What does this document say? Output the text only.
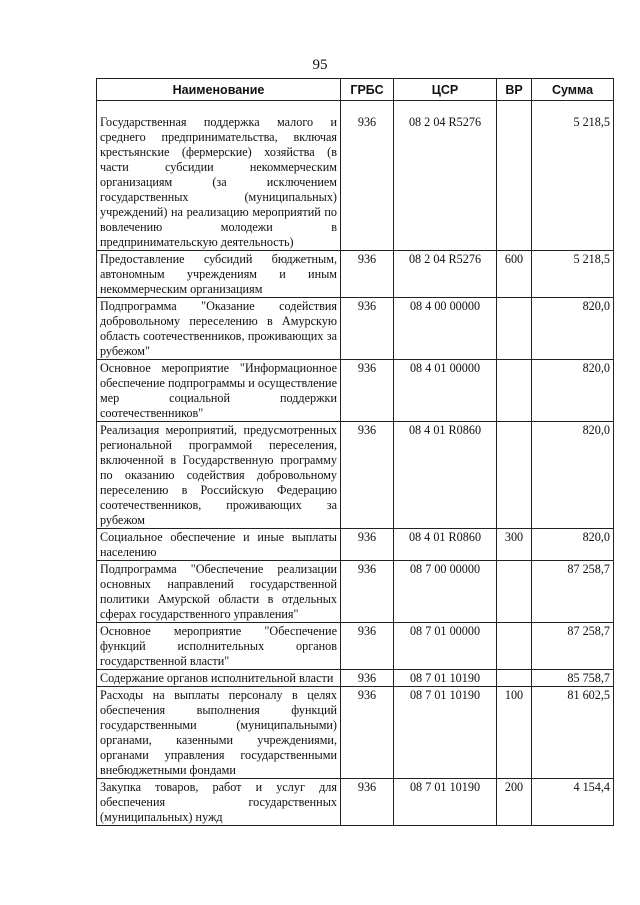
95
Наименование	ГРБС	ЦСР	ВР	Сумма
Государственная поддержка малого и среднего предпринимательства, включая крестьянские (фермерские) хозяйства (в части субсидии некоммерческим организациям (за исключением государственных (муниципальных) учреждений) на реализацию мероприятий по вовлечению молодежи в предпринимательскую деятельность)	936	08 2 04 R5276		5 218,5
Предоставление субсидий бюджетным, автономным учреждениям и иным некоммерческим организациям	936	08 2 04 R5276	600	5 218,5
Подпрограмма "Оказание содействия добровольному переселению в Амурскую область соотечественников, проживающих за рубежом"	936	08 4 00 00000		820,0
Основное мероприятие "Информационное обеспечение подпрограммы и осуществление мер социальной поддержки соотечественников"	936	08 4 01 00000		820,0
Реализация мероприятий, предусмотренных региональной программой переселения, включенной в Государственную программу по оказанию содействия добровольному переселению в Российскую Федерацию соотечественников, проживающих за рубежом	936	08 4 01 R0860		820,0
Социальное обеспечение и иные выплаты населению	936	08 4 01 R0860	300	820,0
Подпрограмма "Обеспечение реализации основных направлений государственной политики Амурской области в отдельных сферах государственного управления"	936	08 7 00 00000		87 258,7
Основное мероприятие "Обеспечение функций исполнительных органов государственной власти"	936	08 7 01 00000		87 258,7
Содержание органов исполнительной власти	936	08 7 01 10190		85 758,7
Расходы на выплаты персоналу в целях обеспечения выполнения функций государственными (муниципальными) органами, казенными учреждениями, органами управления государственными внебюджетными фондами	936	08 7 01 10190	100	81 602,5
Закупка товаров, работ и услуг для обеспечения государственных (муниципальных) нужд	936	08 7 01 10190	200	4 154,4
